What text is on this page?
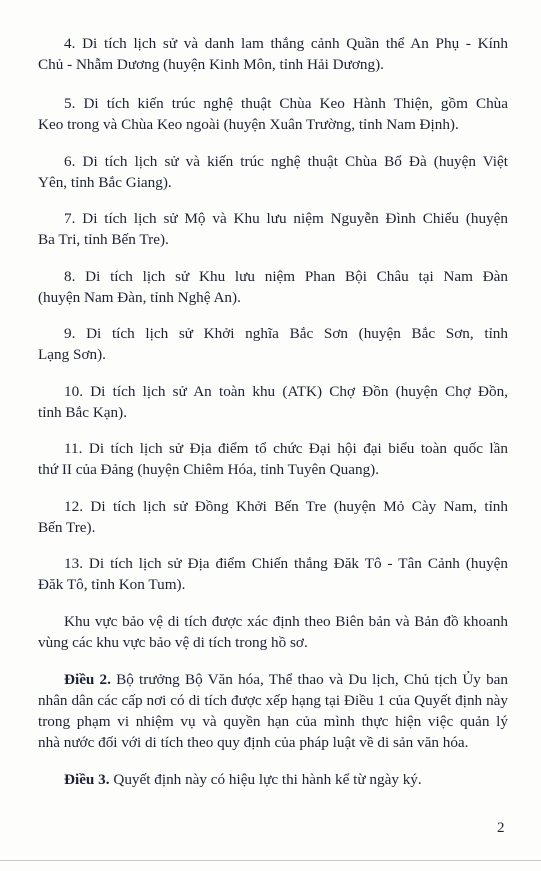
4. Di tích lịch sử và danh lam thắng cảnh Quần thể An Phụ - Kính
Chủ - Nhẫm Dương (huyện Kinh Môn, tỉnh Hải Dương).
5. Di tích kiến trúc nghệ thuật Chùa Keo Hành Thiện, gồm Chùa
Keo trong và Chùa Keo ngoài (huyện Xuân Trường, tỉnh Nam Định).
6. Di tích lịch sử và kiến trúc nghệ thuật Chùa Bổ Đà (huyện Việt
Yên, tỉnh Bắc Giang).
7. Di tích lịch sử Mộ và Khu lưu niệm Nguyễn Đình Chiểu (huyện
Ba Tri, tỉnh Bến Tre).
8. Di tích lịch sử Khu lưu niệm Phan Bội Châu tại Nam Đàn
(huyện Nam Đàn, tỉnh Nghệ An).
9. Di tích lịch sử Khởi nghĩa Bắc Sơn (huyện Bắc Sơn, tỉnh
Lạng Sơn).
10. Di tích lịch sử An toàn khu (ATK) Chợ Đồn (huyện Chợ Đồn,
tỉnh Bắc Kạn).
11. Di tích lịch sử Địa điểm tổ chức Đại hội đại biểu toàn quốc lần
thứ II của Đảng (huyện Chiêm Hóa, tỉnh Tuyên Quang).
12. Di tích lịch sử Đồng Khởi Bến Tre (huyện Mỏ Cày Nam, tỉnh
Bến Tre).
13. Di tích lịch sử Địa điểm Chiến thắng Đăk Tô - Tân Cảnh (huyện
Đăk Tô, tỉnh Kon Tum).
Khu vực bảo vệ di tích được xác định theo Biên bản và Bản đồ khoanh
vùng các khu vực bảo vệ di tích trong hồ sơ.
Điều 2. Bộ trưởng Bộ Văn hóa, Thể thao và Du lịch, Chủ tịch Ủy ban
nhân dân các cấp nơi có di tích được xếp hạng tại Điều 1 của Quyết định này
trong phạm vi nhiệm vụ và quyền hạn của mình thực hiện việc quản lý
nhà nước đối với di tích theo quy định của pháp luật về di sản văn hóa.
Điều 3. Quyết định này có hiệu lực thi hành kể từ ngày ký.
2
